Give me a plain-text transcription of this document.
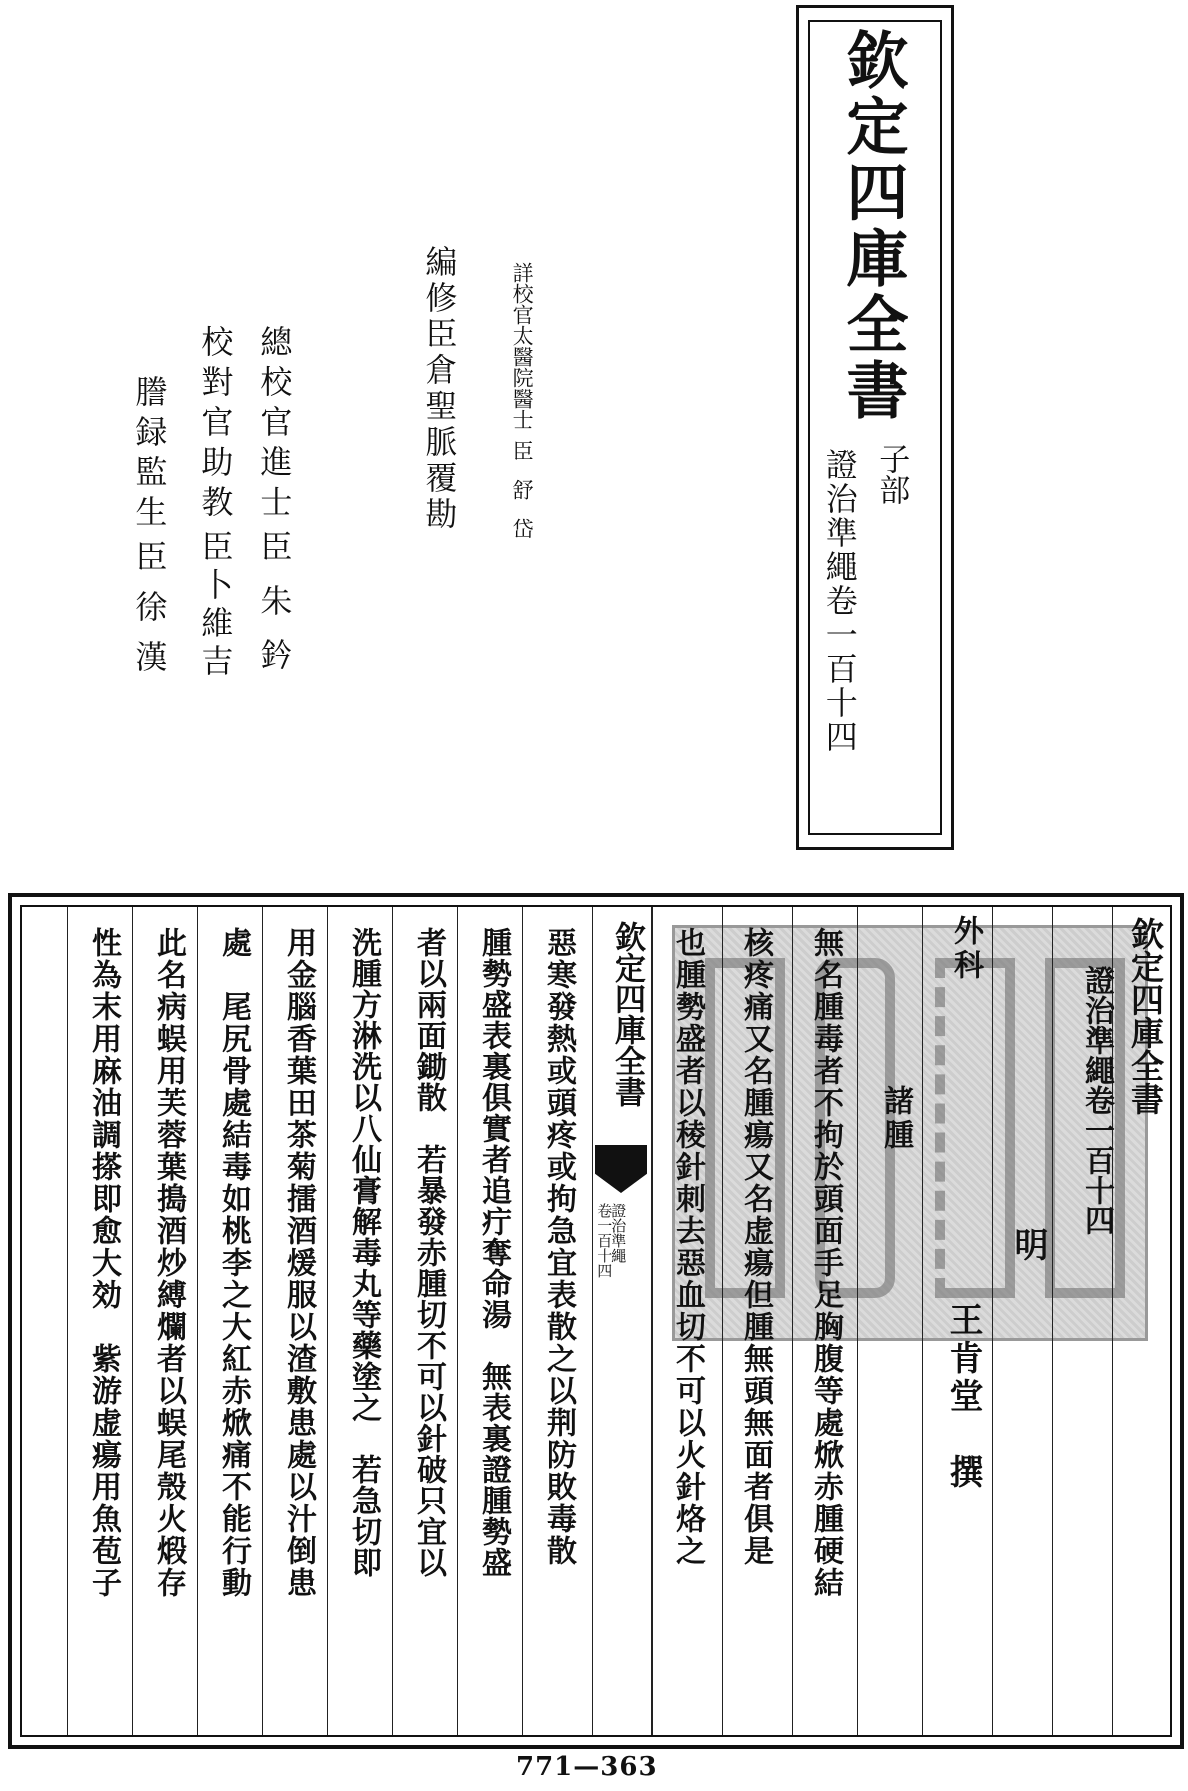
欽定四庫全書
子部
證治準繩卷一百十四
詳校官太醫院醫士
臣舒岱
編修臣倉聖脈覆勘
總校官進士
臣朱鈐
校對官助教
臣卜維吉
謄録監生
臣徐漢
欽定四庫全書
證治準繩卷一百十四
明
王肯堂　撰
外科
　　諸腫
無名腫毒者不拘於頭面手足胸腹等處焮赤腫硬結
核疼痛又名腫瘍又名虚瘍但腫無頭無面者俱是
也腫勢盛者以稜針刺去惡血切不可以火針烙之
欽定四庫全書
證治準繩
卷一百十四
惡寒發熱或頭疼或拘急宜表散之以荆防敗毒散
腫勢盛表裏俱實者追疔奪命湯　無表裏證腫勢盛
者以兩面鋤散　若暴發赤腫切不可以針破只宜以
洗腫方淋洗以八仙膏解毒丸等藥塗之　若急切即
用金腦香葉田茶菊擂酒煖服以渣敷患處以汁倒患
處　尾尻骨處結毒如桃李之大紅赤焮痛不能行動
此名病蜈用芙蓉葉搗酒炒縛爛者以蜈尾殼火煅存
性為末用麻油調搽即愈大効　紫游虚瘍用魚苞子
771—363
